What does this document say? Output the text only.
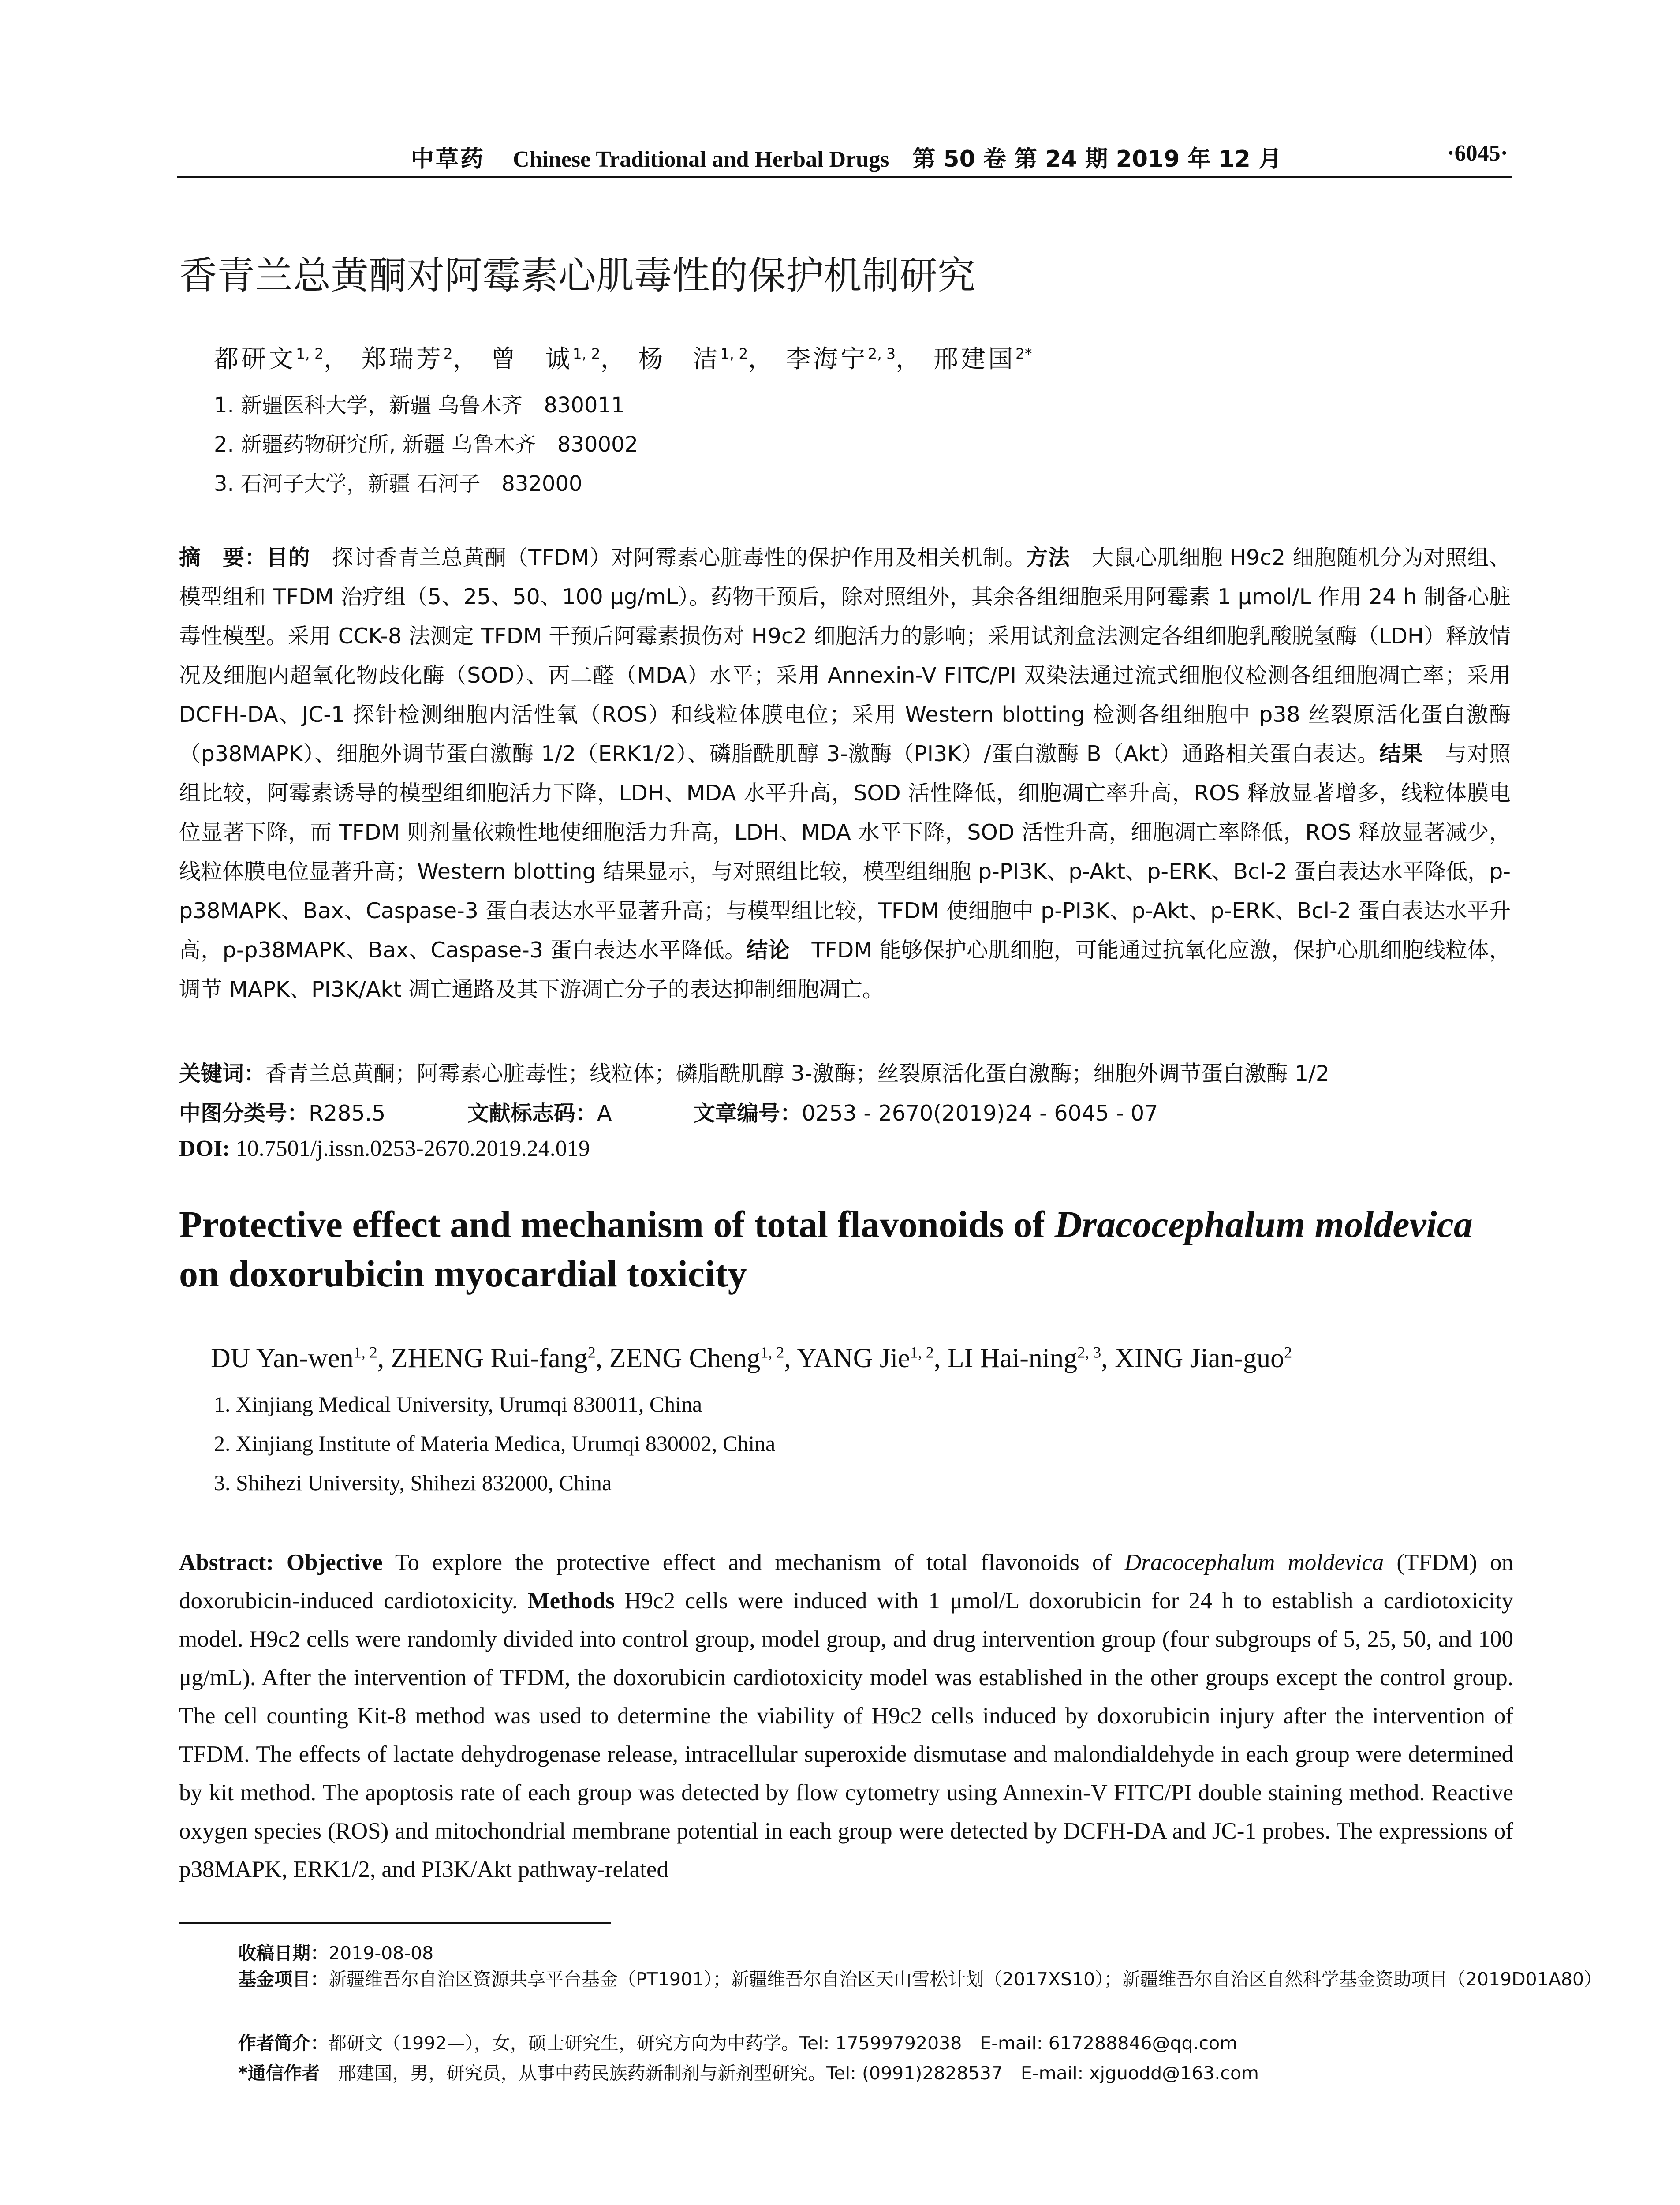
中草药 Chinese Traditional and Herbal Drugs 第 50 卷 第 24 期 2019 年 12 月	·6045·
香青兰总黄酮对阿霉素心肌毒性的保护机制研究
都研文$^{1, 2}$， 郑瑞芳$^2$， 曾　诚$^{1, 2}$， 杨　洁$^{1, 2}$， 李海宁$^{2, 3}$， 邢建国$^{2*}$
1. 新疆医科大学，新疆 乌鲁木齐　830011
2. 新疆药物研究所, 新疆 乌鲁木齐　830002
3. 石河子大学，新疆 石河子　832000
摘　要：目的　探讨香青兰总黄酮（TFDM）对阿霉素心脏毒性的保护作用及相关机制。方法　大鼠心肌细胞 H9c2 细胞随机分为对照组、模型组和 TFDM 治疗组（5、25、50、100 μg/mL）。药物干预后，除对照组外，其余各组细胞采用阿霉素 1 μmol/L 作用 24 h 制备心脏毒性模型。采用 CCK-8 法测定 TFDM 干预后阿霉素损伤对 H9c2 细胞活力的影响；采用试剂盒法测定各组细胞乳酸脱氢酶（LDH）释放情况及细胞内超氧化物歧化酶（SOD）、丙二醛（MDA）水平；采用 Annexin-V FITC/PI 双染法通过流式细胞仪检测各组细胞凋亡率；采用 DCFH-DA、JC-1 探针检测细胞内活性氧（ROS）和线粒体膜电位；采用 Western blotting 检测各组细胞中 p38 丝裂原活化蛋白激酶（p38MAPK）、细胞外调节蛋白激酶 1/2（ERK1/2）、磷脂酰肌醇 3-激酶（PI3K）/蛋白激酶 B（Akt）通路相关蛋白表达。结果　与对照组比较，阿霉素诱导的模型组细胞活力下降，LDH、MDA 水平升高，SOD 活性降低，细胞凋亡率升高，ROS 释放显著增多，线粒体膜电位显著下降，而 TFDM 则剂量依赖性地使细胞活力升高，LDH、MDA 水平下降，SOD 活性升高，细胞凋亡率降低，ROS 释放显著减少，线粒体膜电位显著升高；Western blotting 结果显示，与对照组比较，模型组细胞 p-PI3K、p-Akt、p-ERK、Bcl-2 蛋白表达水平降低，p-p38MAPK、Bax、Caspase-3 蛋白表达水平显著升高；与模型组比较，TFDM 使细胞中 p-PI3K、p-Akt、p-ERK、Bcl-2 蛋白表达水平升高，p-p38MAPK、Bax、Caspase-3 蛋白表达水平降低。结论　TFDM 能够保护心肌细胞，可能通过抗氧化应激，保护心肌细胞线粒体，调节 MAPK、PI3K/Akt 凋亡通路及其下游凋亡分子的表达抑制细胞凋亡。
关键词：香青兰总黄酮；阿霉素心脏毒性；线粒体；磷脂酰肌醇 3-激酶；丝裂原活化蛋白激酶；细胞外调节蛋白激酶 1/2
中图分类号：R285.5	文献标志码：A	文章编号：0253 - 2670(2019)24 - 6045 - 07
DOI: 10.7501/j.issn.0253-2670.2019.24.019
Protective effect and mechanism of total flavonoids of Dracocephalum moldevica on doxorubicin myocardial toxicity
DU Yan-wen$^{1, 2}$, ZHENG Rui-fang$^2$, ZENG Cheng$^{1, 2}$, YANG Jie$^{1, 2}$, LI Hai-ning$^{2, 3}$, XING Jian-guo$^2$
1. Xinjiang Medical University, Urumqi 830011, China
2. Xinjiang Institute of Materia Medica, Urumqi 830002, China
3. Shihezi University, Shihezi 832000, China
Abstract: Objective To explore the protective effect and mechanism of total flavonoids of Dracocephalum moldevica (TFDM) on doxorubicin-induced cardiotoxicity. Methods H9c2 cells were induced with 1 μmol/L doxorubicin for 24 h to establish a cardiotoxicity model. H9c2 cells were randomly divided into control group, model group, and drug intervention group (four subgroups of 5, 25, 50, and 100 μg/mL). After the intervention of TFDM, the doxorubicin cardiotoxicity model was established in the other groups except the control group. The cell counting Kit-8 method was used to determine the viability of H9c2 cells induced by doxorubicin injury after the intervention of TFDM. The effects of lactate dehydrogenase release, intracellular superoxide dismutase and malondialdehyde in each group were determined by kit method. The apoptosis rate of each group was detected by flow cytometry using Annexin-V FITC/PI double staining method. Reactive oxygen species (ROS) and mitochondrial membrane potential in each group were detected by DCFH-DA and JC-1 probes. The expressions of p38MAPK, ERK1/2, and PI3K/Akt pathway-related
收稿日期：2019-08-08
基金项目：新疆维吾尔自治区资源共享平台基金（PT1901）；新疆维吾尔自治区天山雪松计划（2017XS10）；新疆维吾尔自治区自然科学基金资助项目（2019D01A80）
作者简介：都研文（1992—），女，硕士研究生，研究方向为中药学。Tel: 17599792038　E-mail: 617288846@qq.com
*通信作者　邢建国，男，研究员，从事中药民族药新制剂与新剂型研究。Tel: (0991)2828537　E-mail: xjguodd@163.com
